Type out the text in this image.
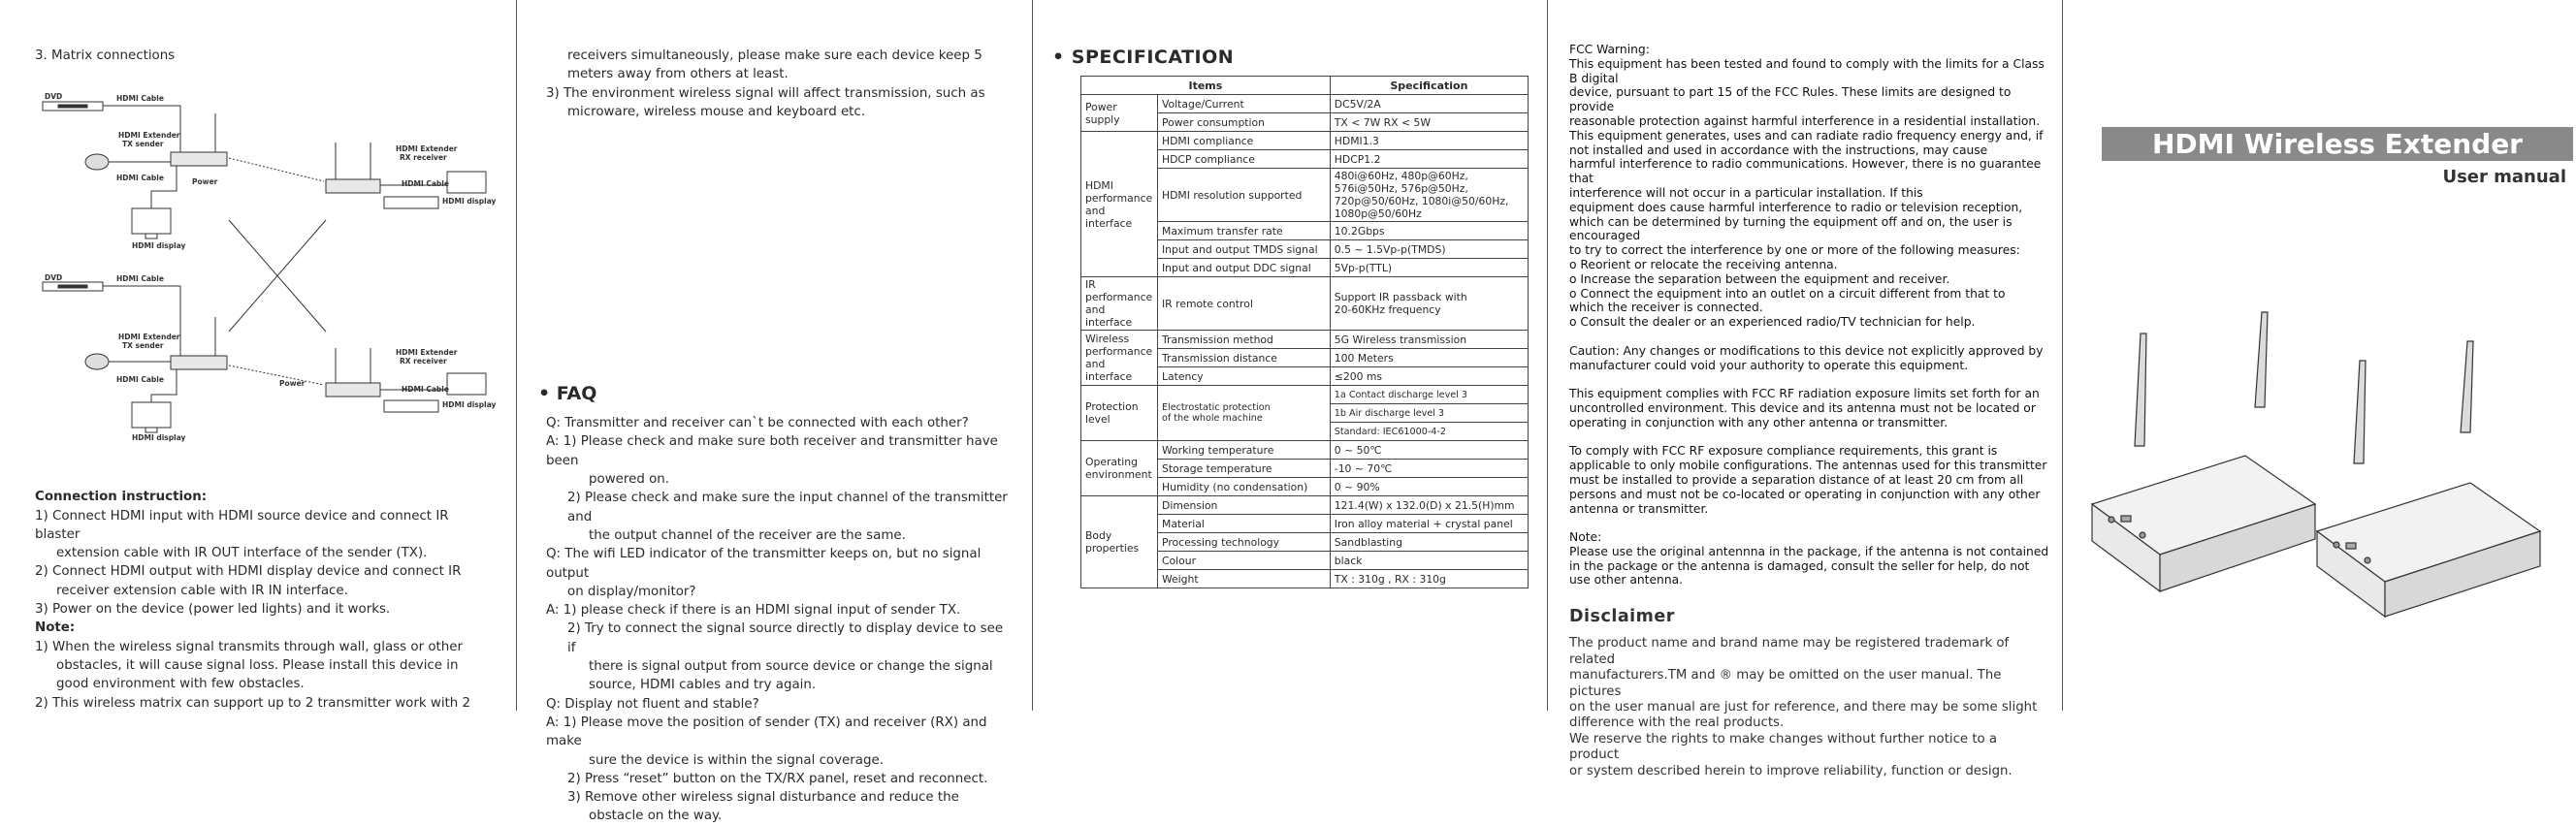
3. Matrix connections

DVD	HDMI Cable
HDMI Extender
TX sender
HDMI Cable
HDMI display
Power
HDMI Extender
RX receiver
HDMI Cable
HDMI display
DVD	HDMI Cable
HDMI Extender
TX sender
HDMI Cable
HDMI display
Power
HDMI Extender
RX receiver
HDMI Cable
HDMI display

Connection instruction:

1) Connect HDMI input with HDMI source device and connect IR blaster

extension cable with IR OUT interface of the sender (TX).

2) Connect HDMI output with HDMI display device and connect IR

receiver extension cable with IR IN interface.

3) Power on the device (power led lights) and it works.

Note:

1) When the wireless signal transmits through wall, glass or other

obstacles, it will cause signal loss. Please install this device in

good environment with few obstacles.

2) This wireless matrix can support up to 2 transmitter work with 2

receivers simultaneously, please make sure each device keep 5

meters away from others at least.

3) The environment wireless signal will affect transmission, such as

microware, wireless mouse and keyboard etc.

• FAQ

Q: Transmitter and receiver can`t be connected with each other?

A: 1) Please check and make sure both receiver and transmitter have been

powered on.

2) Please check and make sure the input channel of the transmitter and

the output channel of the receiver are the same.

Q: The wifi LED indicator of the transmitter keeps on, but no signal output

on display/monitor?

A: 1) please check if there is an HDMI signal input of sender TX.

2) Try to connect the signal source directly to display device to see if

there is signal output from source device or change the signal

source, HDMI cables and try again.

Q: Display not fluent and stable?

A: 1) Please move the position of sender (TX) and receiver (RX) and make

sure the device is within the signal coverage.

2) Press “reset” button on the TX/RX panel, reset and reconnect.

3) Remove other wireless signal disturbance and reduce the

obstacle on the way.

• SPECIFICATION

Items		Specification
Power supply	Voltage/Current	DC5V/2A
	Power consumption	TX < 7W RX < 5W
HDMI performance and interface	HDMI compliance	HDMI1.3
	HDCP compliance	HDCP1.2
	HDMI resolution supported	480i@60Hz, 480p@60Hz,
576i@50Hz, 576p@50Hz,
720p@50/60Hz, 1080i@50/60Hz,
1080p@50/60Hz
	Maximum transfer rate	10.2Gbps
	Input and output TMDS signal	0.5 ~ 1.5Vp-p(TMDS)
	Input and output DDC signal	5Vp-p(TTL)
IR performance and interface	IR remote control	Support IR passback with
20-60KHz frequency
Wireless performance and interface	Transmission method	5G Wireless transmission
	Transmission distance	100 Meters
	Latency	≤200 ms
Protection level	Electrostatic protection
of the whole machine	1a Contact discharge level 3
		1b Air discharge level 3
		Standard: IEC61000-4-2
Operating environment	Working temperature	0 ~ 50℃
	Storage temperature	-10 ~ 70℃
	Humidity (no condensation)	0 ~ 90%
Body properties	Dimension	121.4(W) x 132.0(D) x 21.5(H)mm
	Material	Iron alloy material + crystal panel
	Processing technology	Sandblasting
	Colour	black
	Weight	TX : 310g , RX : 310g

FCC Warning:

This equipment has been tested and found to comply with the limits for a Class B digital

device, pursuant to part 15 of the FCC Rules. These limits are designed to provide

reasonable protection against harmful interference in a residential installation.

This equipment generates, uses and can radiate radio frequency energy and, if

not installed and used in accordance with the instructions, may cause

harmful interference to radio communications. However, there is no guarantee that

interference will not occur in a particular installation. If this

equipment does cause harmful interference to radio or television reception,

which can be determined by turning the equipment off and on, the user is encouraged

to try to correct the interference by one or more of the following measures:

o Reorient or relocate the receiving antenna.

o Increase the separation between the equipment and receiver.

o Connect the equipment into an outlet on a circuit different from that to

which the receiver is connected.

o Consult the dealer or an experienced radio/TV technician for help.

Caution: Any changes or modifications to this device not explicitly approved by

manufacturer could void your authority to operate this equipment.

This equipment complies with FCC RF radiation exposure limits set forth for an

uncontrolled environment. This device and its antenna must not be located or

operating in conjunction with any other antenna or transmitter.

To comply with FCC RF exposure compliance requirements, this grant is

applicable to only mobile configurations. The antennas used for this transmitter

must be installed to provide a separation distance of at least 20 cm from all

persons and must not be co-located or operating in conjunction with any other

antenna or transmitter.

Note:

Please use the original antennna in the package, if the antenna is not contained

in the package or the antenna is damaged, consult the seller for help, do not

use other antenna.

Disclaimer

The product name and brand name may be registered trademark of related

manufacturers.TM and ® may be omitted on the user manual. The pictures

on the user manual are just for reference, and there may be some slight

difference with the real products.

We reserve the rights to make changes without further notice to a product

or system described herein to improve reliability, function or design.

HDMI Wireless Extender
User manual
